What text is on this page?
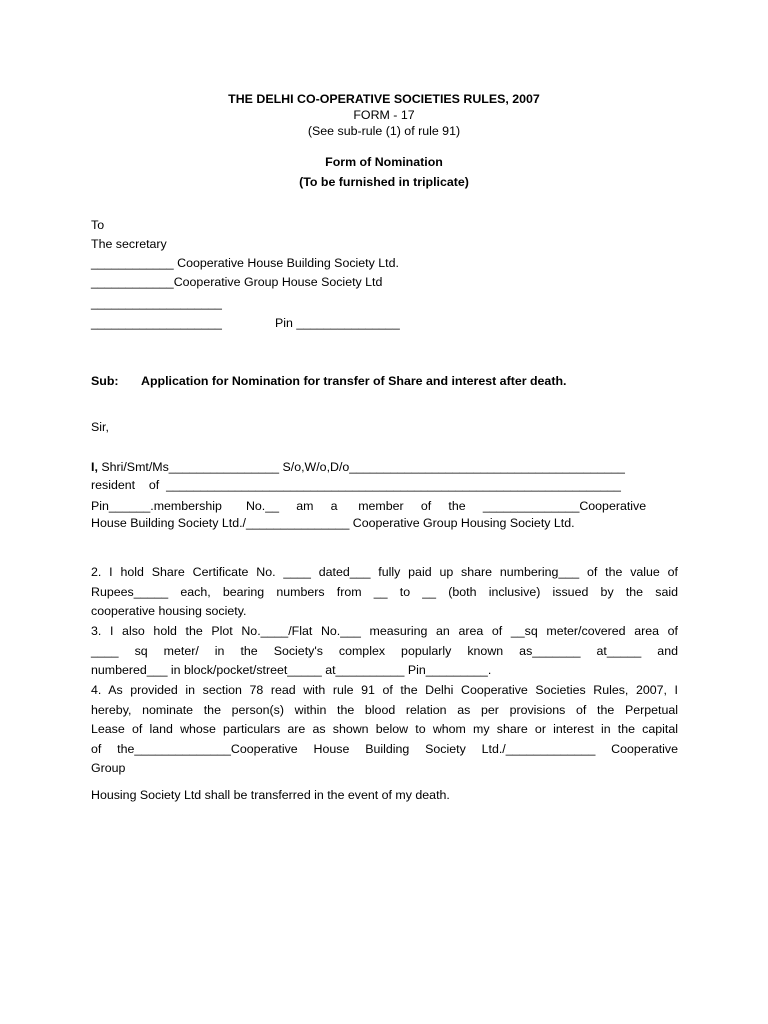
THE DELHI CO-OPERATIVE SOCIETIES RULES, 2007
FORM - 17
(See sub-rule (1) of rule 91)
Form of Nomination
(To be furnished in triplicate)
To
The secretary
____________ Cooperative House Building Society Ltd.
____________Cooperative Group House Society Ltd
___________________
___________________	Pin _______________
Sub: Application for Nomination for transfer of Share and interest after death.
Sir,
I, Shri/Smt/Ms________________ S/o,W/o,D/o________________________________________
resident    of  __________________________________________________________________
Pin______.membership       No.__     am     a      member     of     the     ______________Cooperative
House Building Society Ltd./_______________ Cooperative Group Housing Society Ltd.
2. I hold Share Certificate No. ____ dated___ fully paid up share numbering___ of the value of
Rupees_____ each, bearing numbers from __ to __ (both inclusive) issued by the said
cooperative housing society.
3. I also hold the Plot No.____/Flat No.___ measuring an area of __sq meter/covered area of
____ sq meter/ in the Society's complex popularly known as_______ at_____ and
numbered___ in block/pocket/street_____ at__________ Pin_________.
4. As provided in section 78 read with rule 91 of the Delhi Cooperative Societies Rules, 2007, I
hereby, nominate the person(s) within the blood relation as per provisions of the Perpetual
Lease of land whose particulars are as shown below to whom my share or interest in the capital
of the______________Cooperative House Building Society Ltd./_____________ Cooperative
Group
Housing Society Ltd shall be transferred in the event of my death.
